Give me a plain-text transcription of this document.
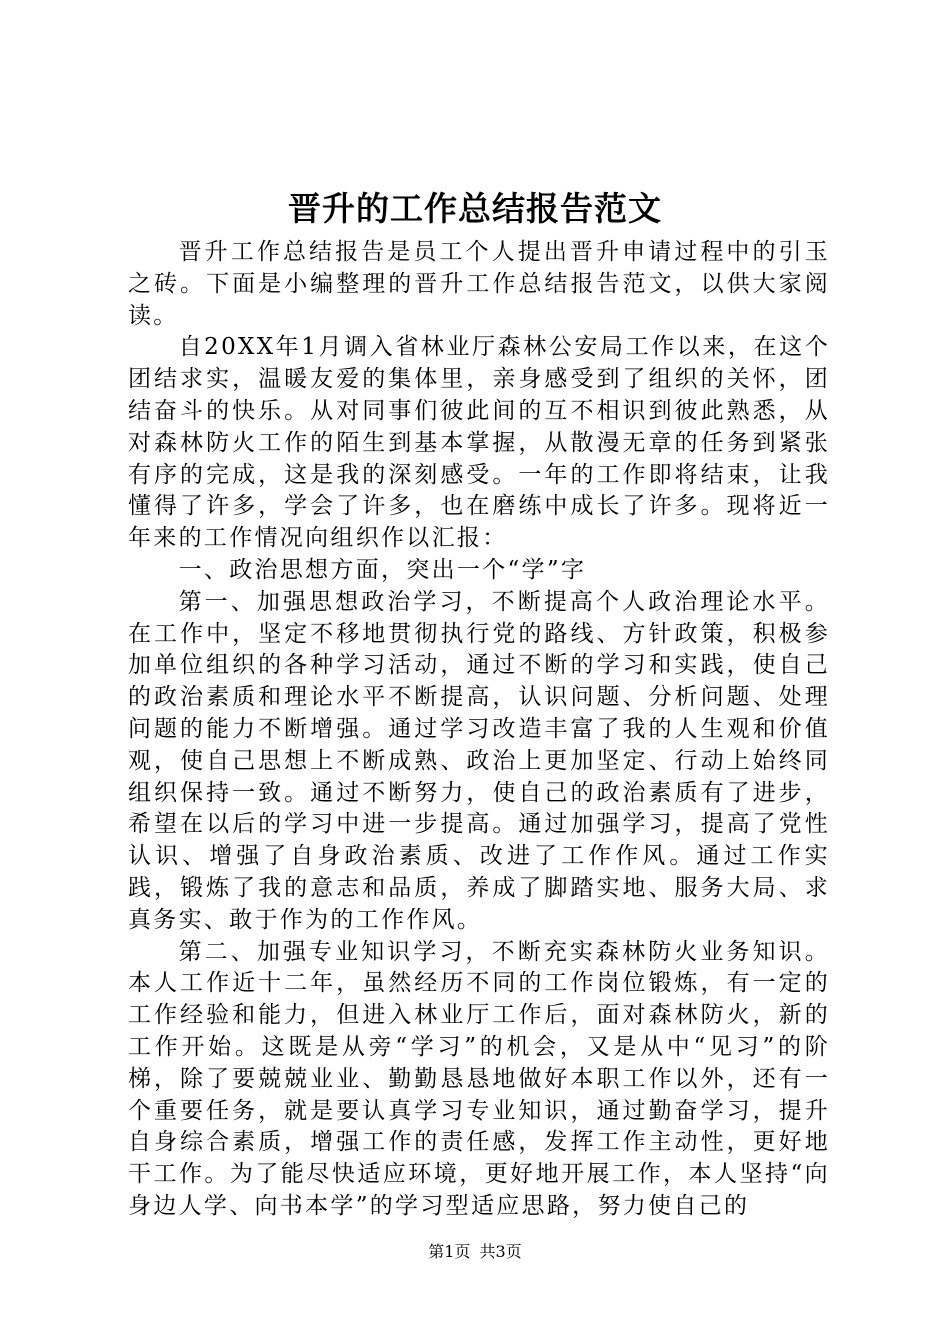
晋升的工作总结报告范文

晋升工作总结报告是员工个人提出晋升申请过程中的引玉之砖。下面是小编整理的晋升工作总结报告范文，以供大家阅读。

自20XX年1月调入省林业厅森林公安局工作以来，在这个团结求实，温暖友爱的集体里，亲身感受到了组织的关怀，团结奋斗的快乐。从对同事们彼此间的互不相识到彼此熟悉，从对森林防火工作的陌生到基本掌握，从散漫无章的任务到紧张有序的完成，这是我的深刻感受。一年的工作即将结束，让我懂得了许多，学会了许多，也在磨练中成长了许多。现将近一年来的工作情况向组织作以汇报：

一、政治思想方面，突出一个“学”字

第一、加强思想政治学习，不断提高个人政治理论水平。在工作中，坚定不移地贯彻执行党的路线、方针政策，积极参加单位组织的各种学习活动，通过不断的学习和实践，使自己的政治素质和理论水平不断提高，认识问题、分析问题、处理问题的能力不断增强。通过学习改造丰富了我的人生观和价值观，使自己思想上不断成熟、政治上更加坚定、行动上始终同组织保持一致。通过不断努力，使自己的政治素质有了进步，希望在以后的学习中进一步提高。通过加强学习，提高了党性认识、增强了自身政治素质、改进了工作作风。通过工作实践，锻炼了我的意志和品质，养成了脚踏实地、服务大局、求真务实、敢于作为的工作作风。

第二、加强专业知识学习，不断充实森林防火业务知识。本人工作近十二年，虽然经历不同的工作岗位锻炼，有一定的工作经验和能力，但进入林业厅工作后，面对森林防火，新的工作开始。这既是从旁“学习”的机会，又是从中“见习”的阶梯，除了要兢兢业业、勤勤恳恳地做好本职工作以外，还有一个重要任务，就是要认真学习专业知识，通过勤奋学习，提升自身综合素质，增强工作的责任感，发挥工作主动性，更好地干工作。为了能尽快适应环境，更好地开展工作，本人坚持“向身边人学、向书本学”的学习型适应思路，努力使自己的

第1页 共3页
